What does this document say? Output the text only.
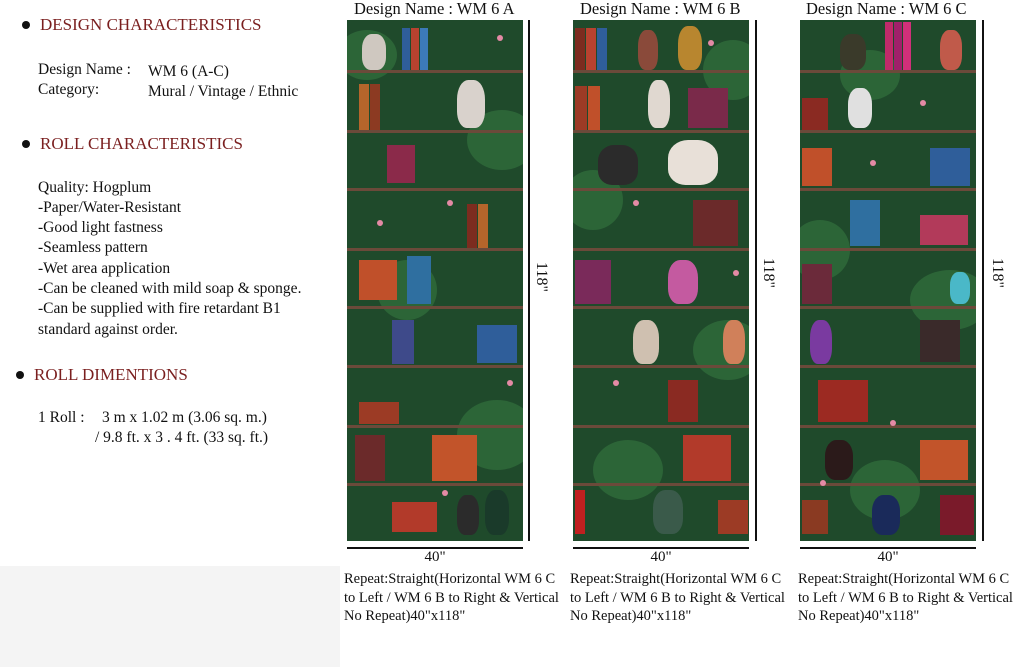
DESIGN CHARACTERISTICS
Design Name : WM 6 (A-C)
Category:	Mural / Vintage / Ethnic
ROLL CHARACTERISTICS
Quality: Hogplum
-Paper/Water-Resistant
-Good light fastness
-Seamless pattern
-Wet area application
-Can be cleaned with mild soap & sponge.
-Can be supplied with fire retardant B1
standard against order.
ROLL DIMENTIONS
1 Roll : 3 m x 1.02 m (3.06 sq. m.)
/ 9.8 ft. x 3 . 4 ft. (33 sq. ft.)
Design Name : WM 6 A
118"
40"
Repeat:Straight(Horizontal WM 6 C to Left / WM 6 B to Right & Vertical No Repeat)40"x118"
Design Name : WM 6 B
118"
40"
Repeat:Straight(Horizontal WM 6 C to Left / WM 6 B to Right & Vertical No Repeat)40"x118"
Design Name : WM 6 C
118"
40"
Repeat:Straight(Horizontal WM 6 C to Left / WM 6 B to Right & Vertical No Repeat)40"x118"
